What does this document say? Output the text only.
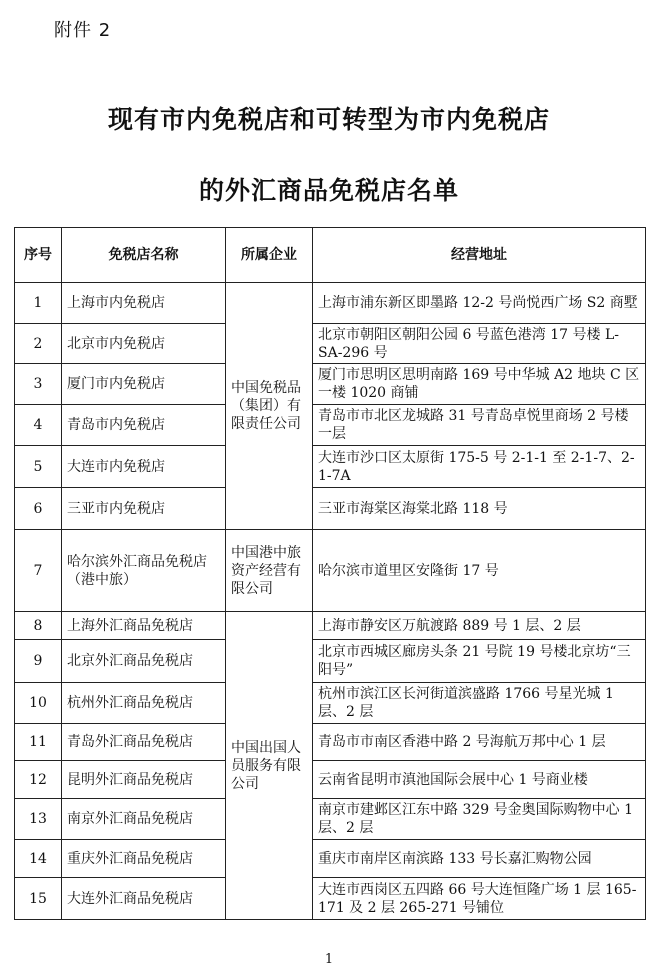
附件 2
现有市内免税店和可转型为市内免税店
的外汇商品免税店名单
序号	免税店名称	所属企业	经营地址
1	上海市内免税店	中国免税品（集团）有限责任公司	上海市浦东新区即墨路 12-2 号尚悦西广场 S2 商墅
2	北京市内免税店		北京市朝阳区朝阳公园 6 号蓝色港湾 17 号楼 L-SA-296 号
3	厦门市内免税店		厦门市思明区思明南路 169 号中华城 A2 地块 C 区一楼 1020 商铺
4	青岛市内免税店		青岛市市北区龙城路 31 号青岛卓悦里商场 2 号楼一层
5	大连市内免税店		大连市沙口区太原街 175-5 号 2-1-1 至 2-1-7、2-1-7A
6	三亚市内免税店		三亚市海棠区海棠北路 118 号
7	哈尔滨外汇商品免税店（港中旅）	中国港中旅资产经营有限公司	哈尔滨市道里区安隆街 17 号
8	上海外汇商品免税店	中国出国人员服务有限公司	上海市静安区万航渡路 889 号 1 层、2 层
9	北京外汇商品免税店		北京市西城区廊房头条 21 号院 19 号楼北京坊“三阳号”
10	杭州外汇商品免税店		杭州市滨江区长河街道滨盛路 1766 号星光城 1 层、2 层
11	青岛外汇商品免税店		青岛市市南区香港中路 2 号海航万邦中心 1 层
12	昆明外汇商品免税店		云南省昆明市滇池国际会展中心 1 号商业楼
13	南京外汇商品免税店		南京市建邺区江东中路 329 号金奥国际购物中心 1 层、2 层
14	重庆外汇商品免税店		重庆市南岸区南滨路 133 号长嘉汇购物公园
15	大连外汇商品免税店		大连市西岗区五四路 66 号大连恒隆广场 1 层 165-171 及 2 层 265-271 号铺位
1
